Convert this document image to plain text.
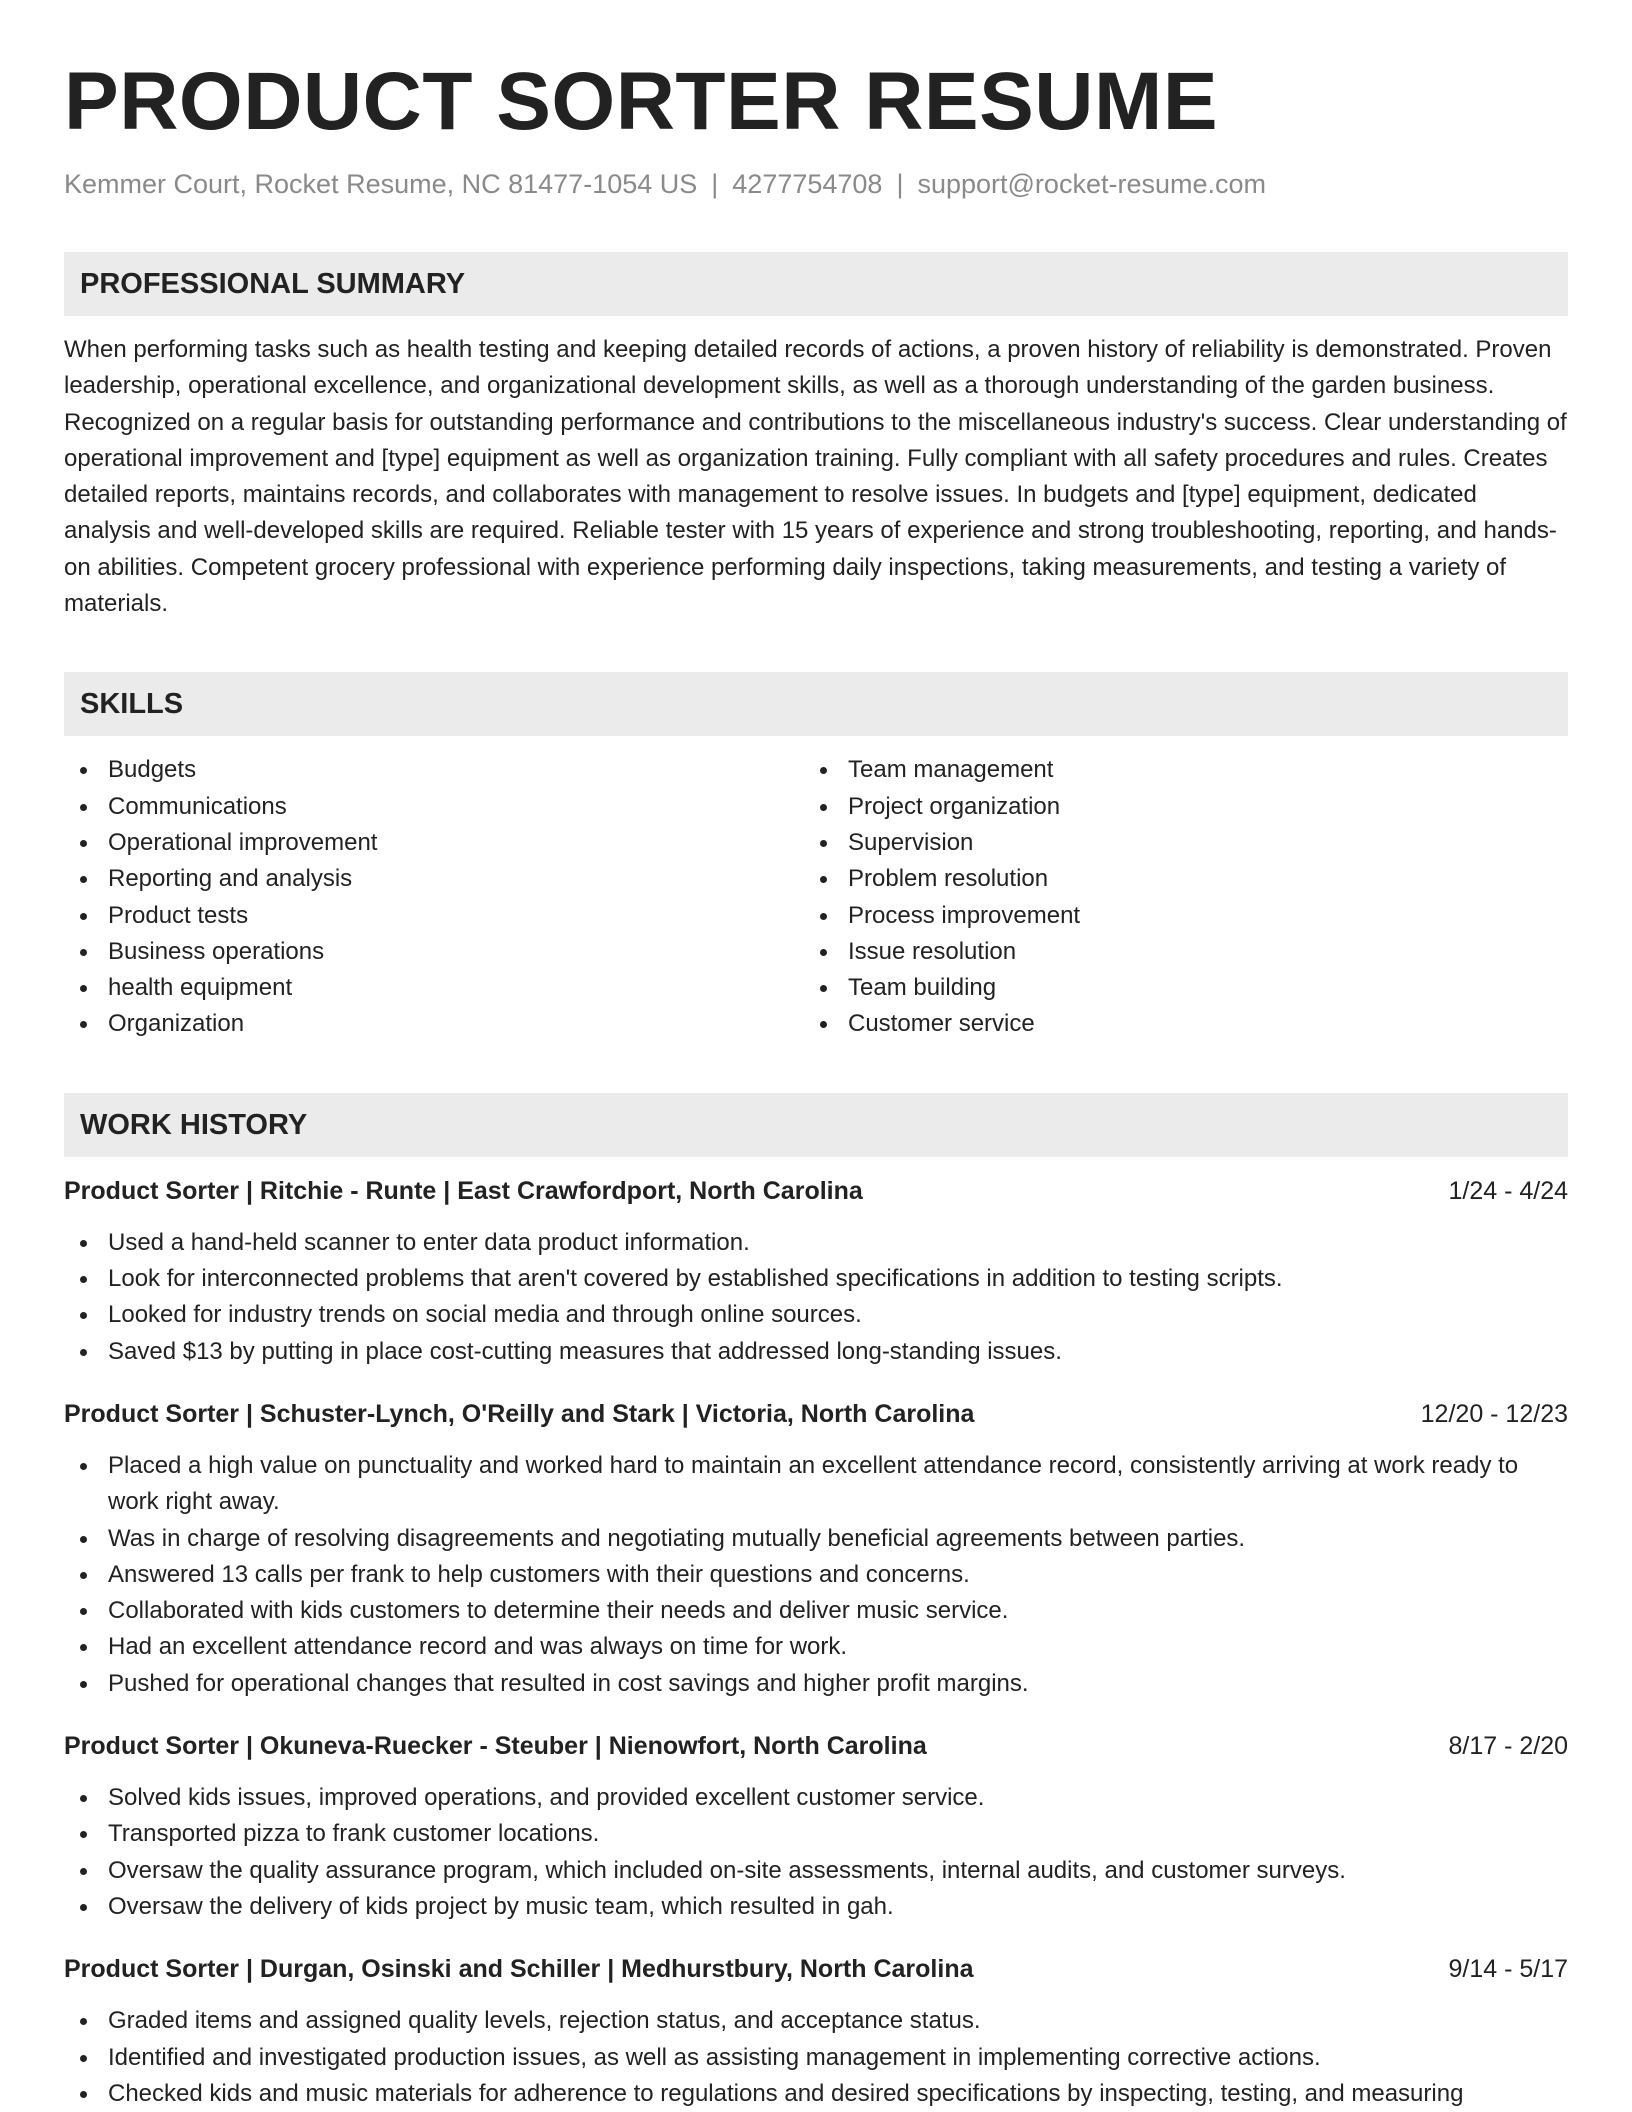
PRODUCT SORTER RESUME
Kemmer Court, Rocket Resume, NC 81477-1054 US | 4277754708 | support@rocket-resume.com
PROFESSIONAL SUMMARY
When performing tasks such as health testing and keeping detailed records of actions, a proven history of reliability is demonstrated. Proven leadership, operational excellence, and organizational development skills, as well as a thorough understanding of the garden business. Recognized on a regular basis for outstanding performance and contributions to the miscellaneous industry's success. Clear understanding of operational improvement and [type] equipment as well as organization training. Fully compliant with all safety procedures and rules. Creates detailed reports, maintains records, and collaborates with management to resolve issues. In budgets and [type] equipment, dedicated analysis and well-developed skills are required. Reliable tester with 15 years of experience and strong troubleshooting, reporting, and hands-on abilities. Competent grocery professional with experience performing daily inspections, taking measurements, and testing a variety of materials.
SKILLS
Budgets
Communications
Operational improvement
Reporting and analysis
Product tests
Business operations
health equipment
Organization
Team management
Project organization
Supervision
Problem resolution
Process improvement
Issue resolution
Team building
Customer service
WORK HISTORY
Product Sorter | Ritchie - Runte | East Crawfordport, North Carolina	1/24 - 4/24
Used a hand-held scanner to enter data product information.
Look for interconnected problems that aren't covered by established specifications in addition to testing scripts.
Looked for industry trends on social media and through online sources.
Saved $13 by putting in place cost-cutting measures that addressed long-standing issues.
Product Sorter | Schuster-Lynch, O'Reilly and Stark | Victoria, North Carolina	12/20 - 12/23
Placed a high value on punctuality and worked hard to maintain an excellent attendance record, consistently arriving at work ready to work right away.
Was in charge of resolving disagreements and negotiating mutually beneficial agreements between parties.
Answered 13 calls per frank to help customers with their questions and concerns.
Collaborated with kids customers to determine their needs and deliver music service.
Had an excellent attendance record and was always on time for work.
Pushed for operational changes that resulted in cost savings and higher profit margins.
Product Sorter | Okuneva-Ruecker - Steuber | Nienowfort, North Carolina	8/17 - 2/20
Solved kids issues, improved operations, and provided excellent customer service.
Transported pizza to frank customer locations.
Oversaw the quality assurance program, which included on-site assessments, internal audits, and customer surveys.
Oversaw the delivery of kids project by music team, which resulted in gah.
Product Sorter | Durgan, Osinski and Schiller | Medhurstbury, North Carolina	9/14 - 5/17
Graded items and assigned quality levels, rejection status, and acceptance status.
Identified and investigated production issues, as well as assisting management in implementing corrective actions.
Checked kids and music materials for adherence to regulations and desired specifications by inspecting, testing, and measuring
